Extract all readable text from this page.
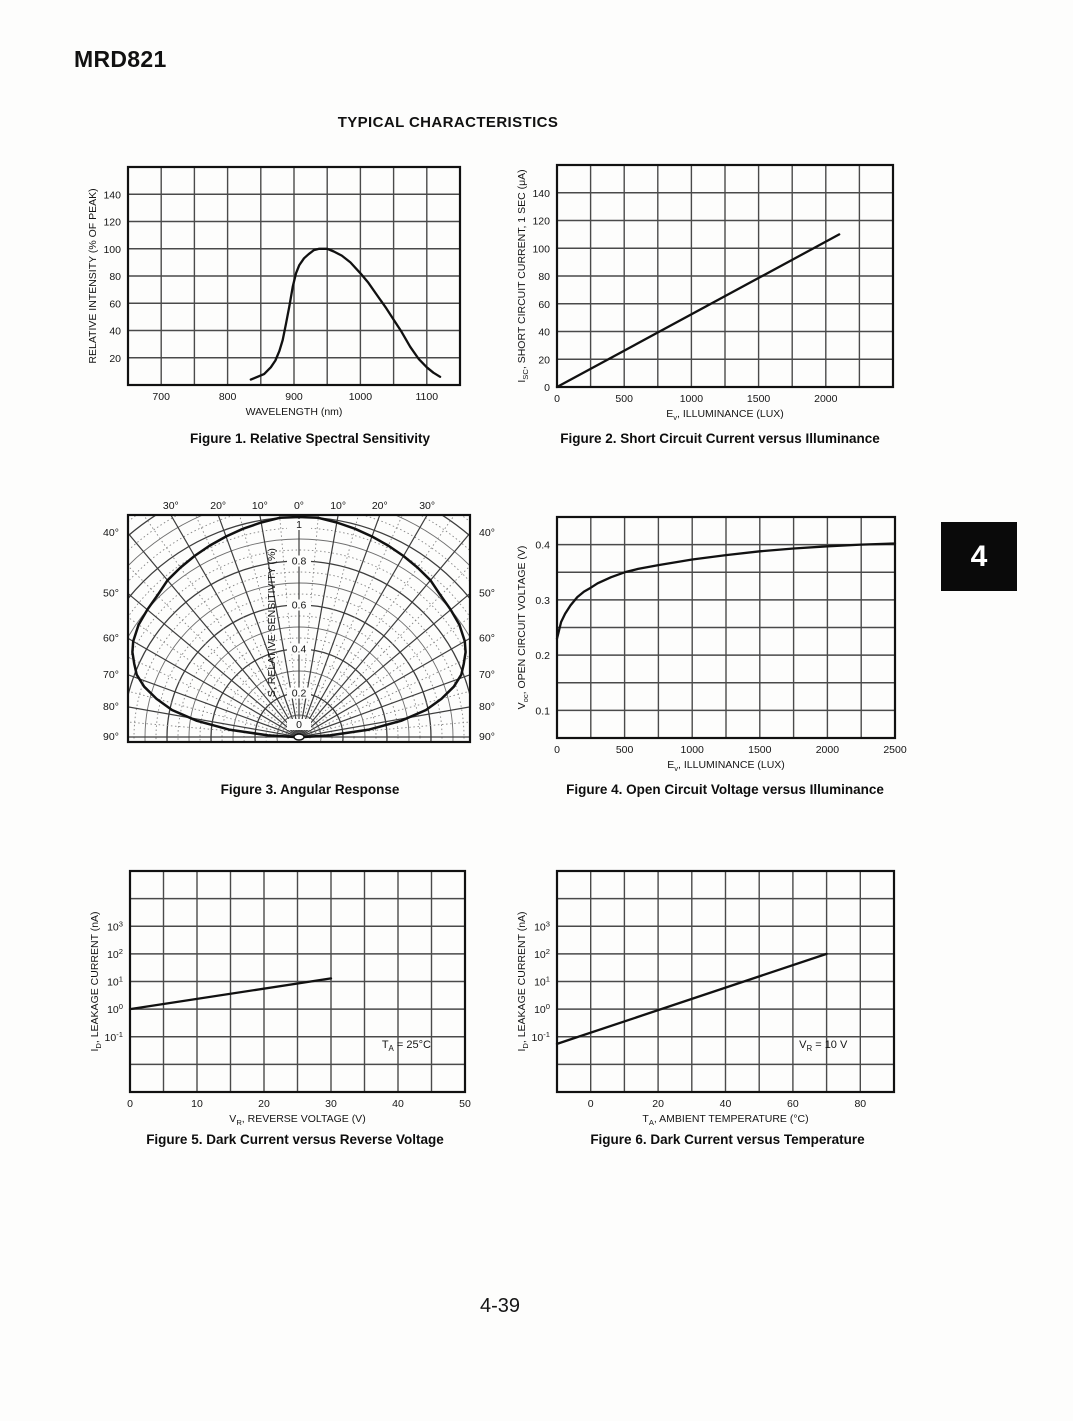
MRD821
TYPICAL CHARACTERISTICS
700	800	900	1000	1100
20
40
60
80
100
120
140
WAVELENGTH (nm)
RELATIVE INTENSITY (% OF PEAK)
0	500	1000	1500	2000
0
20
40
60
80
100
120
140
$E_v$, ILLUMINANCE (LUX)
$I_{SC}$, SHORT CIRCUIT CURRENT, 1 SEC (μA)
0
0.2
0.4
0.6
0.8
1
30°	20° 10° 0° 10° 20°	30°
40°	40°
50°	50°
60°	60°
70°	70°
80°	80°
90°	90°
S, RELATIVE SENSITIVITY (%)
0	500	1000	1500	2000	2500
0.1
0.2
0.3
0.4
$E_v$, ILLUMINANCE (LUX)
$V_{oc}$, OPEN CIRCUIT VOLTAGE (V)
0	10	20	30	40	50
$10^3$
$10^2$
$10^1$
$10^0$
$10^{-1}$
$V_R$, REVERSE VOLTAGE (V)
$I_D$, LEAKAGE CURRENT (nA)
$T_A = 25^\circ C$
0	20	40	60	80
$10^3$
$10^2$
$10^1$
$10^0$
$10^{-1}$
$T_A$, AMBIENT TEMPERATURE (°C)
$I_D$, LEAKAGE CURRENT (nA)
$V_R = 10$ V
Figure 1. Relative Spectral Sensitivity	Figure 2. Short Circuit Current versus Illuminance
Figure 3. Angular Response	Figure 4. Open Circuit Voltage versus Illuminance
Figure 5. Dark Current versus Reverse Voltage	Figure 6. Dark Current versus Temperature
4
4-39
